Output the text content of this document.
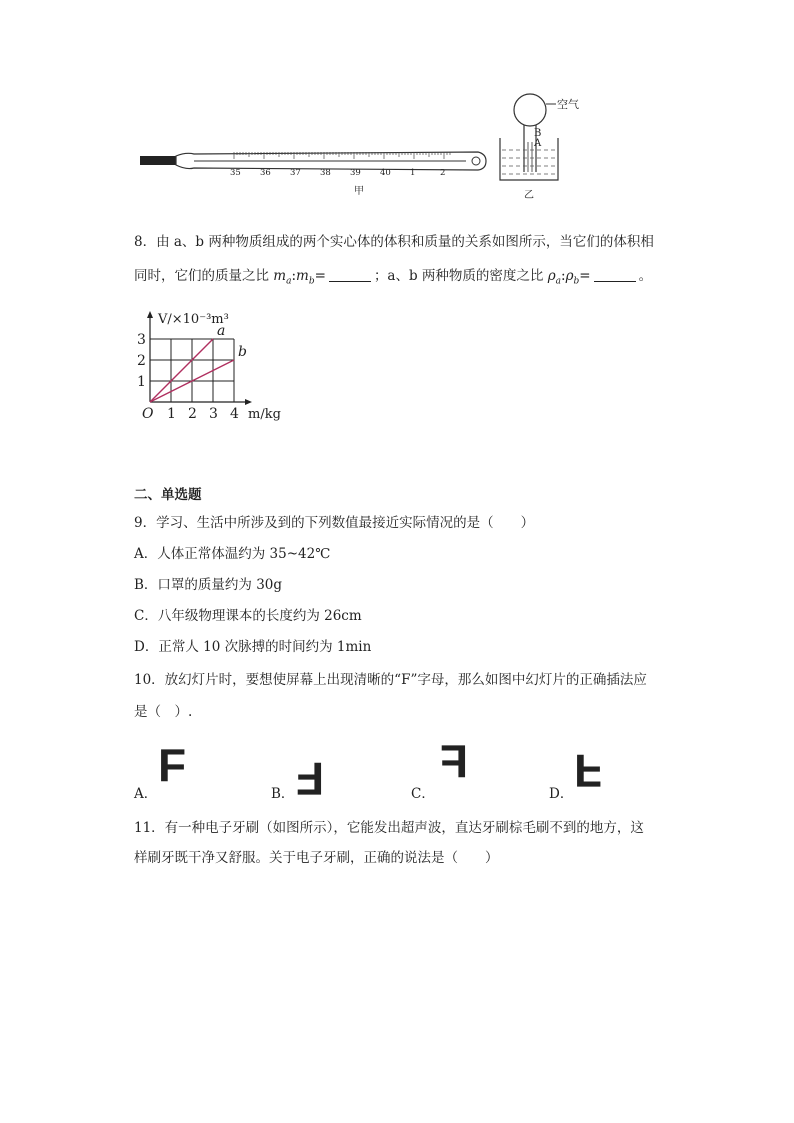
35 36 37 38 39 40 1	2
甲
空气
B
A
乙
8．由 a、b 两种物质组成的两个实心体的体积和质量的关系如图所示，当它们的体积相
同时，它们的质量之比 $m_a:m_b=$	；a、b 两种物质的密度之比 $\rho_a:\rho_b=$	。
a
b
1 2 3 4
1
2
3
O
V/×10⁻³m³
m/kg
二、单选题
9．学习、生活中所涉及到的下列数值最接近实际情况的是（　　）
A．人体正常体温约为 35~42℃
B．口罩的质量约为 30g
C．八年级物理课本的长度约为 26cm
D．正常人 10 次脉搏的时间约为 1min
10．放幻灯片时，要想使屏幕上出现清晰的“F”字母，那么如图中幻灯片的正确插法应
是（　）.
A．
F
B． F	C．
F
D． F
11．有一种电子牙刷（如图所示），它能发出超声波，直达牙刷棕毛刷不到的地方，这
样刷牙既干净又舒服。关于电子牙刷，正确的说法是（　　）
